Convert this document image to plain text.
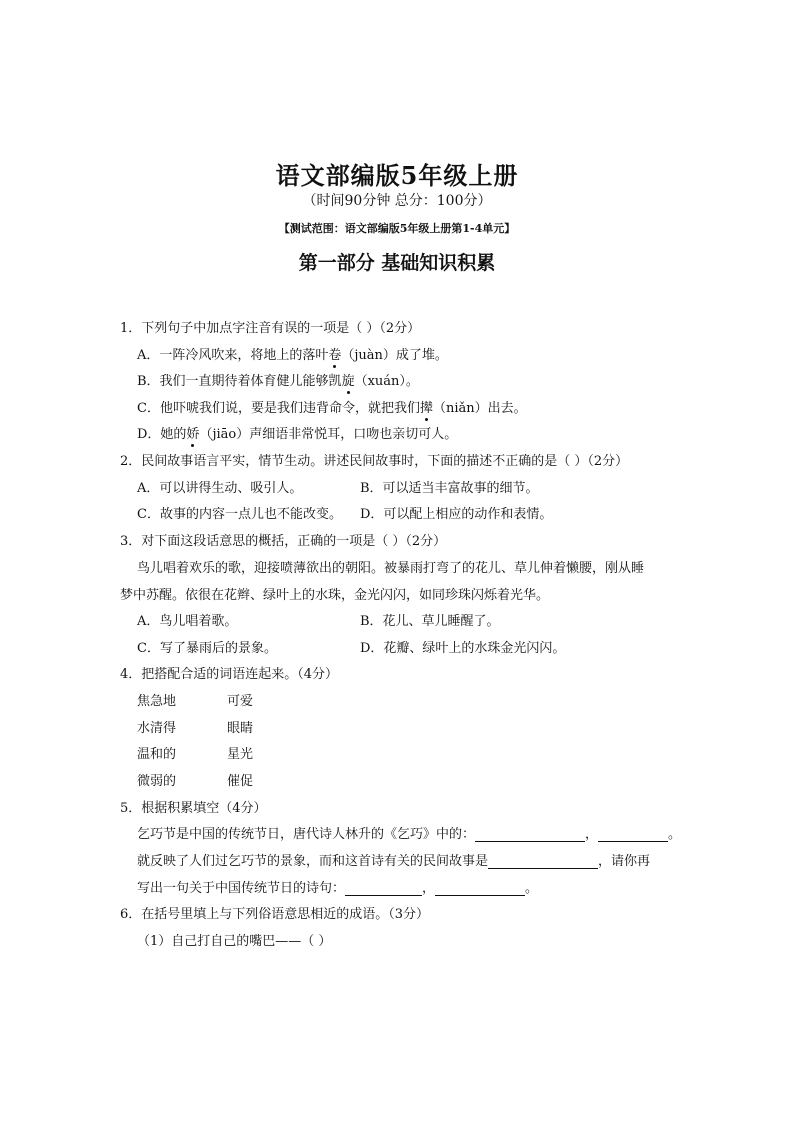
语文部编版5年级上册
（时间90分钟 总分：100分）
【测试范围：语文部编版5年级上册第1-4单元】
第一部分 基础知识积累
1．下列句子中加点字注音有误的一项是（ ）（2分）
A．一阵冷风吹来，将地上的落叶卷（juàn）成了堆。
B．我们一直期待着体育健儿能够凯旋（xuán）。
C．他吓唬我们说，要是我们违背命令，就把我们撵（niǎn）出去。
D．她的娇（jiāo）声细语非常悦耳，口吻也亲切可人。
2．民间故事语言平实，情节生动。讲述民间故事时，下面的描述不正确的是（ ）（2分）
A．可以讲得生动、吸引人。	B．可以适当丰富故事的细节。
C．故事的内容一点儿也不能改变。 D．可以配上相应的动作和表情。
3．对下面这段话意思的概括，正确的一项是（ ）（2分）
鸟儿唱着欢乐的歌，迎接喷薄欲出的朝阳。被暴雨打弯了的花儿、草儿伸着懒腰，刚从睡
梦中苏醒。依很在花辫、绿叶上的水珠，金光闪闪，如同珍珠闪烁着光华。
A．鸟儿唱着歌。	B．花儿、草儿睡醒了。
C．写了暴雨后的景象。	D．花瓣、绿叶上的水珠金光闪闪。
4．把搭配合适的词语连起来。（4分）
焦急地	可爱
水清得	眼睛
温和的	星光
微弱的	催促
5．根据积累填空（4分）
乞巧节是中国的传统节日，唐代诗人林升的《乞巧》中的：	，	。
就反映了人们过乞巧节的景象，而和这首诗有关的民间故事是	，请你再
写出一句关于中国传统节日的诗句：	，	。
6．在括号里填上与下列俗语意思相近的成语。（3分）
（1）自己打自己的嘴巴——（ ）
